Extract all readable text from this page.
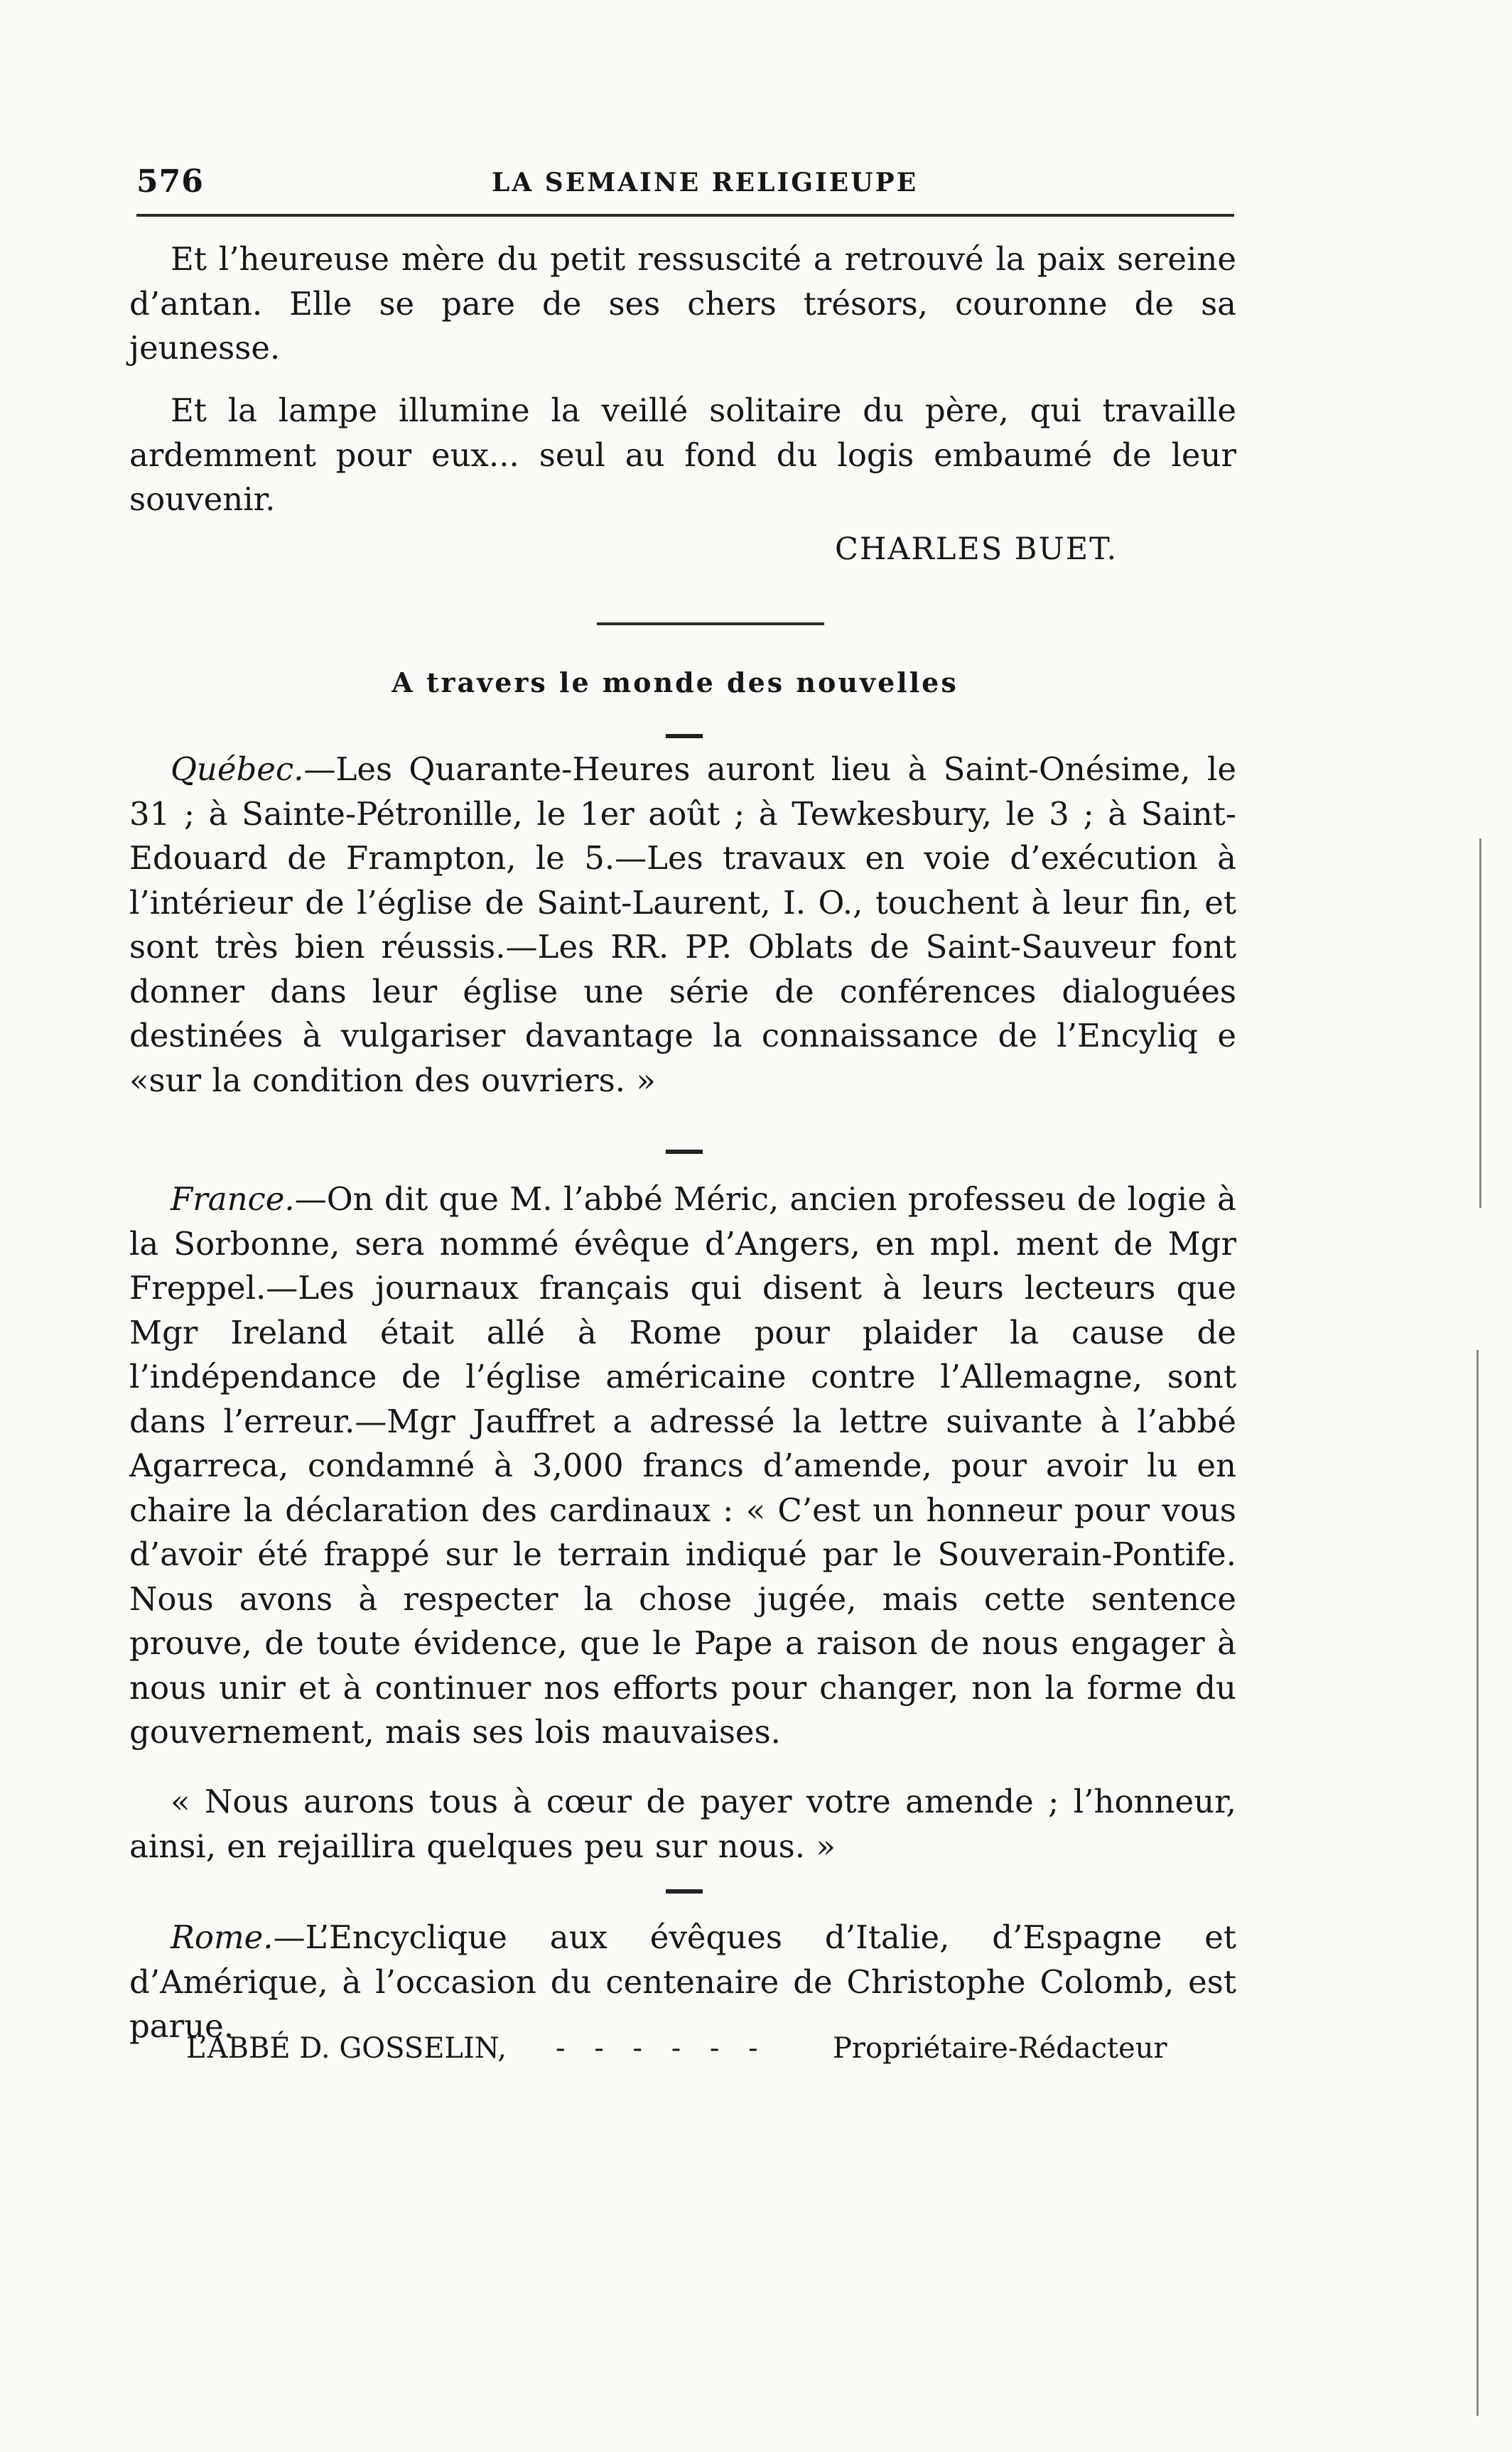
576	LA SEMAINE RELIGIEUPE

Et l’heureuse mère du petit ressuscité a retrouvé la paix sereine d’antan. Elle se pare de ses chers trésors, couronne de sa jeunesse.

Et la lampe illumine la veillé solitaire du père, qui travaille ardemment pour eux... seul au fond du logis embaumé de leur souvenir.

CHARLES BUET.
A travers le monde des nouvelles

Québec.—Les Quarante-Heures auront lieu à Saint-Onésime, le 31 ; à Sainte-Pétronille, le 1er août ; à Tewkesbury, le 3 ; à Saint-Edouard de Frampton, le 5.—Les travaux en voie d’exécution à l’intérieur de l’église de Saint-Laurent, I. O., touchent à leur fin, et sont très bien réussis.—Les RR. PP. Oblats de Saint-Sauveur font donner dans leur église une série de conférences dialoguées destinées à vulgariser davantage la connaissance de l’Encyliq e «sur la condition des ouvriers. »

France.—On dit que M. l’abbé Méric, ancien professeu de logie à la Sorbonne, sera nommé évêque d’Angers, en mpl. ment de Mgr Freppel.—Les journaux français qui disent à leurs lecteurs que Mgr Ireland était allé à Rome pour plaider la cause de l’indépendance de l’église américaine contre l’Allemagne, sont dans l’erreur.—Mgr Jauffret a adressé la lettre suivante à l’abbé Agarreca, condamné à 3,000 francs d’amende, pour avoir lu en chaire la déclaration des cardinaux : « C’est un honneur pour vous d’avoir été frappé sur le terrain indiqué par le Souverain-Pontife. Nous avons à respecter la chose jugée, mais cette sentence prouve, de toute évidence, que le Pape a raison de nous engager à nous unir et à continuer nos efforts pour changer, non la forme du gouvernement, mais ses lois mauvaises.

« Nous aurons tous à cœur de payer votre amende ; l’honneur, ainsi, en rejaillira quelques peu sur nous. »

Rome.—L’Encyclique aux évêques d’Italie, d’Espagne et d’Amérique, à l’occasion du centenaire de Christophe Colomb, est parue.

L’ABBÉ D. GOSSELIN, - - - - - - Propriétaire-Rédacteur
